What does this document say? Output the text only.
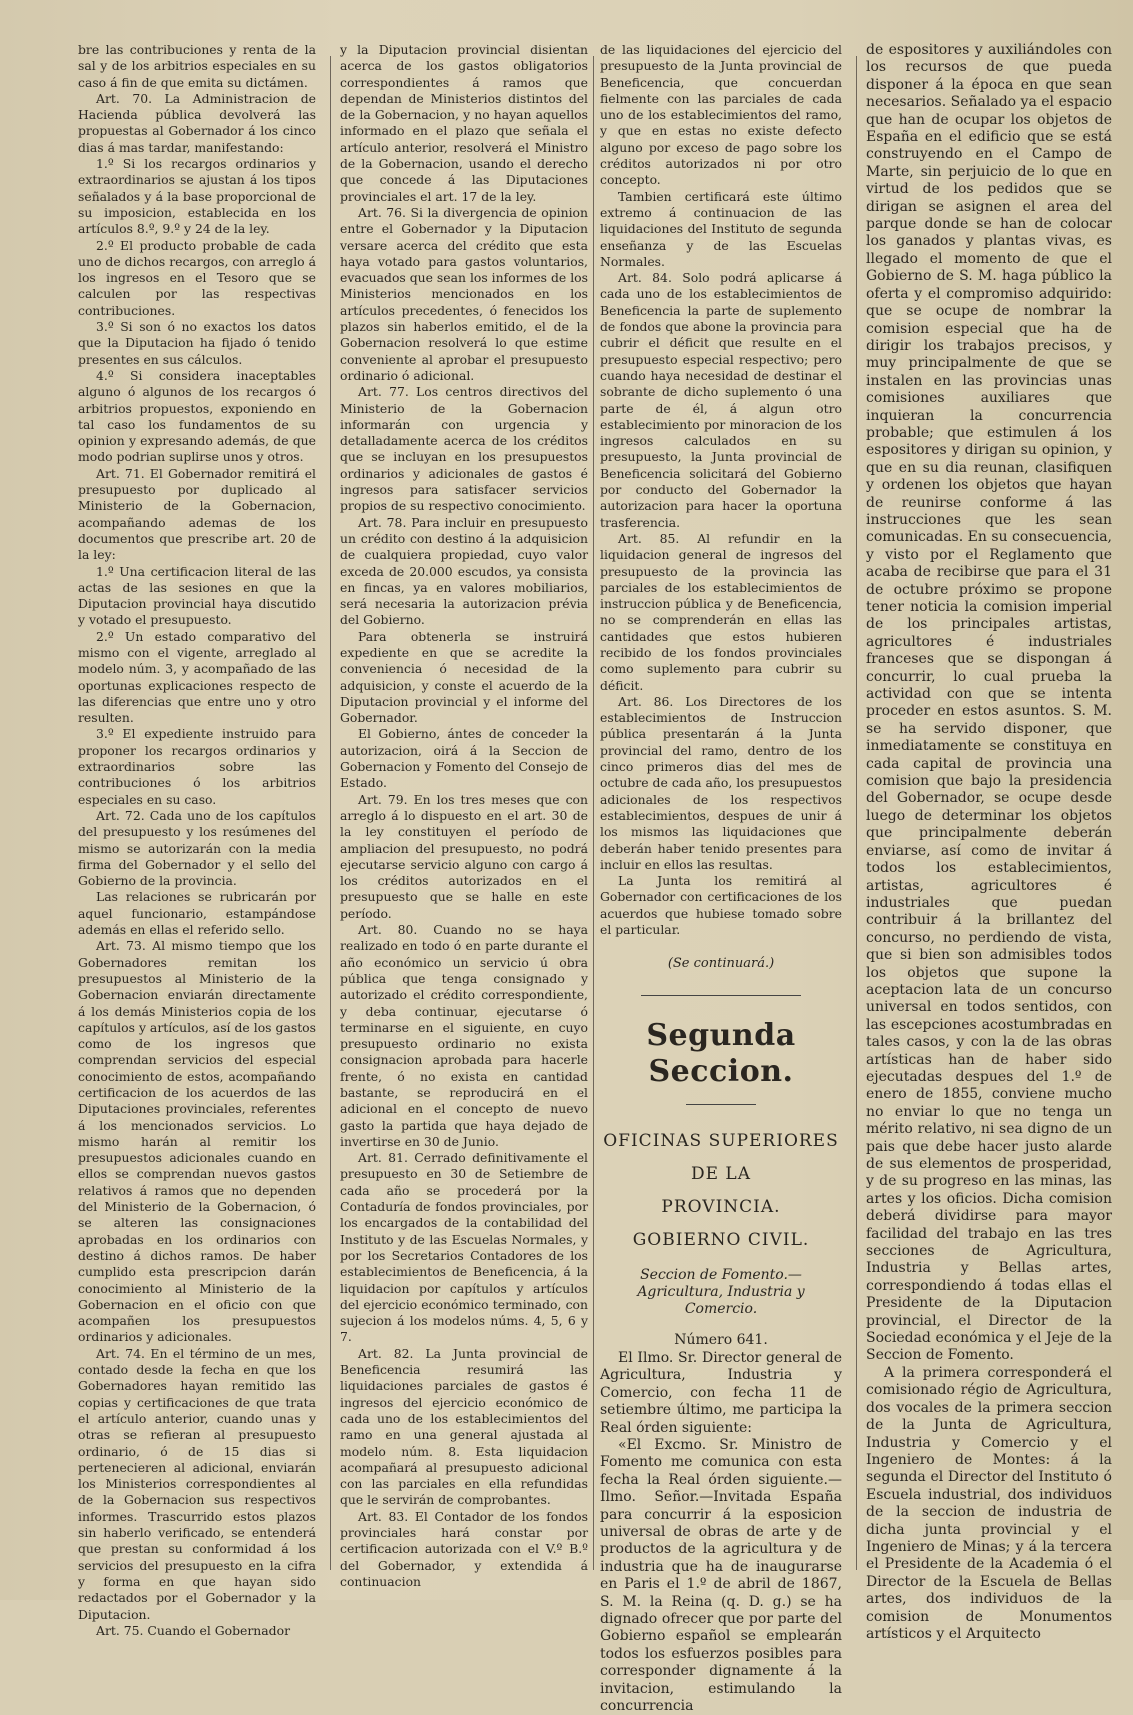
bre las contribuciones y renta de la sal y de los arbitrios especiales en su caso á fin de que emita su dictámen.

Art. 70. La Administracion de Hacienda pública devolverá las propuestas al Gobernador á los cinco dias á mas tardar, manifestando:

1.º Si los recargos ordinarios y extraordinarios se ajustan á los tipos señalados y á la base proporcional de su imposicion, establecida en los artículos 8.º, 9.º y 24 de la ley.

2.º El producto probable de cada uno de dichos recargos, con arreglo á los ingresos en el Tesoro que se calculen por las respectivas contribuciones.

3.º Si son ó no exactos los datos que la Diputacion ha fijado ó tenido presentes en sus cálculos.

4.º Si considera inaceptables alguno ó algunos de los recargos ó arbitrios propuestos, exponiendo en tal caso los fundamentos de su opinion y expresando además, de que modo podrian suplirse unos y otros.

Art. 71. El Gobernador remitirá el presupuesto por duplicado al Ministerio de la Gobernacion, acompañando ademas de los documentos que prescribe art. 20 de la ley:

1.º Una certificacion literal de las actas de las sesiones en que la Diputacion provincial haya discutido y votado el presupuesto.

2.º Un estado comparativo del mismo con el vigente, arreglado al modelo núm. 3, y acompañado de las oportunas explicaciones respecto de las diferencias que entre uno y otro resulten.

3.º El expediente instruido para proponer los recargos ordinarios y extraordinarios sobre las contribuciones ó los arbitrios especiales en su caso.

Art. 72. Cada uno de los capítulos del presupuesto y los resúmenes del mismo se autorizarán con la media firma del Gobernador y el sello del Gobierno de la provincia.

Las relaciones se rubricarán por aquel funcionario, estampándose además en ellas el referido sello.

Art. 73. Al mismo tiempo que los Gobernadores remitan los presupuestos al Ministerio de la Gobernacion enviarán directamente á los demás Ministerios copia de los capítulos y artículos, así de los gastos como de los ingresos que comprendan servicios del especial conocimiento de estos, acompañando certificacion de los acuerdos de las Diputaciones provinciales, referentes á los mencionados servicios. Lo mismo harán al remitir los presupuestos adicionales cuando en ellos se comprendan nuevos gastos relativos á ramos que no dependen del Ministerio de la Gobernacion, ó se alteren las consignaciones aprobadas en los ordinarios con destino á dichos ramos. De haber cumplido esta prescripcion darán conocimiento al Ministerio de la Gobernacion en el oficio con que acompañen los presupuestos ordinarios y adicionales.

Art. 74. En el término de un mes, contado desde la fecha en que los Gobernadores hayan remitido las copias y certificaciones de que trata el artículo anterior, cuando unas y otras se refieran al presupuesto ordinario, ó de 15 dias si pertenecieren al adicional, enviarán los Ministerios correspondientes al de la Gobernacion sus respectivos informes. Trascurrido estos plazos sin haberlo verificado, se entenderá que prestan su conformidad á los servicios del presupuesto en la cifra y forma en que hayan sido redactados por el Gobernador y la Diputacion.

Art. 75. Cuando el Gobernador

y la Diputacion provincial disientan acerca de los gastos obligatorios correspondientes á ramos que dependan de Ministerios distintos del de la Gobernacion, y no hayan aquellos informado en el plazo que señala el artículo anterior, resolverá el Ministro de la Gobernacion, usando el derecho que concede á las Diputaciones provinciales el art. 17 de la ley.

Art. 76. Si la divergencia de opinion entre el Gobernador y la Diputacion versare acerca del crédito que esta haya votado para gastos voluntarios, evacuados que sean los informes de los Ministerios mencionados en los artículos precedentes, ó fenecidos los plazos sin haberlos emitido, el de la Gobernacion resolverá lo que estime conveniente al aprobar el presupuesto ordinario ó adicional.

Art. 77. Los centros directivos del Ministerio de la Gobernacion informarán con urgencia y detalladamente acerca de los créditos que se incluyan en los presupuestos ordinarios y adicionales de gastos é ingresos para satisfacer servicios propios de su respectivo conocimiento.

Art. 78. Para incluir en presupuesto un crédito con destino á la adquisicion de cualquiera propiedad, cuyo valor exceda de 20.000 escudos, ya consista en fincas, ya en valores mobiliarios, será necesaria la autorizacion prévia del Gobierno.

Para obtenerla se instruirá expediente en que se acredite la conveniencia ó necesidad de la adquisicion, y conste el acuerdo de la Diputacion provincial y el informe del Gobernador.

El Gobierno, ántes de conceder la autorizacion, oirá á la Seccion de Gobernacion y Fomento del Consejo de Estado.

Art. 79. En los tres meses que con arreglo á lo dispuesto en el art. 30 de la ley constituyen el período de ampliacion del presupuesto, no podrá ejecutarse servicio alguno con cargo á los créditos autorizados en el presupuesto que se halle en este período.

Art. 80. Cuando no se haya realizado en todo ó en parte durante el año económico un servicio ú obra pública que tenga consignado y autorizado el crédito correspondiente, y deba continuar, ejecutarse ó terminarse en el siguiente, en cuyo presupuesto ordinario no exista consignacion aprobada para hacerle frente, ó no exista en cantidad bastante, se reproducirá en el adicional en el concepto de nuevo gasto la partida que haya dejado de invertirse en 30 de Junio.

Art. 81. Cerrado definitivamente el presupuesto en 30 de Setiembre de cada año se procederá por la Contaduría de fondos provinciales, por los encargados de la contabilidad del Instituto y de las Escuelas Normales, y por los Secretarios Contadores de los establecimientos de Beneficencia, á la liquidacion por capítulos y artículos del ejercicio económico terminado, con sujecion á los modelos núms. 4, 5, 6 y 7.

Art. 82. La Junta provincial de Beneficencia resumirá las liquidaciones parciales de gastos é ingresos del ejercicio económico de cada uno de los establecimientos del ramo en una general ajustada al modelo núm. 8. Esta liquidacion acompañará al presupuesto adicional con las parciales en ella refundidas que le servirán de comprobantes.

Art. 83. El Contador de los fondos provinciales hará constar por certificacion autorizada con el V.º B.º del Gobernador, y extendida á continuacion

de las liquidaciones del ejercicio del presupuesto de la Junta provincial de Beneficencia, que concuerdan fielmente con las parciales de cada uno de los establecimientos del ramo, y que en estas no existe defecto alguno por exceso de pago sobre los créditos autorizados ni por otro concepto.

Tambien certificará este último extremo á continuacion de las liquidaciones del Instituto de segunda enseñanza y de las Escuelas Normales.

Art. 84. Solo podrá aplicarse á cada uno de los establecimientos de Beneficencia la parte de suplemento de fondos que abone la provincia para cubrir el déficit que resulte en el presupuesto especial respectivo; pero cuando haya necesidad de destinar el sobrante de dicho suplemento ó una parte de él, á algun otro establecimiento por minoracion de los ingresos calculados en su presupuesto, la Junta provincial de Beneficencia solicitará del Gobierno por conducto del Gobernador la autorizacion para hacer la oportuna trasferencia.

Art. 85. Al refundir en la liquidacion general de ingresos del presupuesto de la provincia las parciales de los establecimientos de instruccion pública y de Beneficencia, no se comprenderán en ellas las cantidades que estos hubieren recibido de los fondos provinciales como suplemento para cubrir su déficit.

Art. 86. Los Directores de los establecimientos de Instruccion pública presentarán á la Junta provincial del ramo, dentro de los cinco primeros dias del mes de octubre de cada año, los presupuestos adicionales de los respectivos establecimientos, despues de unir á los mismos las liquidaciones que deberán haber tenido presentes para incluir en ellos las resultas.

La Junta los remitirá al Gobernador con certificaciones de los acuerdos que hubiese tomado sobre el particular.

(Se continuará.)
Segunda Seccion.

OFICINAS SUPERIORES DE LA

PROVINCIA.

GOBIERNO CIVIL.

Seccion de Fomento.—Agricultura, Industria y Comercio.

Número 641.

El Ilmo. Sr. Director general de Agricultura, Industria y Comercio, con fecha 11 de setiembre último, me participa la Real órden siguiente:

«El Excmo. Sr. Ministro de Fomento me comunica con esta fecha la Real órden siguiente.—Ilmo. Señor.—Invitada España para concurrir á la esposicion universal de obras de arte y de productos de la agricultura y de industria que ha de inaugurarse en Paris el 1.º de abril de 1867, S. M. la Reina (q. D. g.) se ha dignado ofrecer que por parte del Gobierno español se emplearán todos los esfuerzos posibles para corresponder dignamente á la invitacion, estimulando la concurrencia

de espositores y auxiliándoles con los recursos de que pueda disponer á la época en que sean necesarios. Señalado ya el espacio que han de ocupar los objetos de España en el edificio que se está construyendo en el Campo de Marte, sin perjuicio de lo que en virtud de los pedidos que se dirigan se asignen el area del parque donde se han de colocar los ganados y plantas vivas, es llegado el momento de que el Gobierno de S. M. haga público la oferta y el compromiso adquirido: que se ocupe de nombrar la comision especial que ha de dirigir los trabajos precisos, y muy principalmente de que se instalen en las provincias unas comisiones auxiliares que inquieran la concurrencia probable; que estimulen á los espositores y dirigan su opinion, y que en su dia reunan, clasifiquen y ordenen los objetos que hayan de reunirse conforme á las instrucciones que les sean comunicadas. En su consecuencia, y visto por el Reglamento que acaba de recibirse que para el 31 de octubre próximo se propone tener noticia la comision imperial de los principales artistas, agricultores é industriales franceses que se dispongan á concurrir, lo cual prueba la actividad con que se intenta proceder en estos asuntos. S. M. se ha servido disponer, que inmediatamente se constituya en cada capital de provincia una comision que bajo la presidencia del Gobernador, se ocupe desde luego de determinar los objetos que principalmente deberán enviarse, así como de invitar á todos los establecimientos, artistas, agricultores é industriales que puedan contribuir á la brillantez del concurso, no perdiendo de vista, que si bien son admisibles todos los objetos que supone la aceptacion lata de un concurso universal en todos sentidos, con las escepciones acostumbradas en tales casos, y con la de las obras artísticas han de haber sido ejecutadas despues del 1.º de enero de 1855, conviene mucho no enviar lo que no tenga un mérito relativo, ni sea digno de un pais que debe hacer justo alarde de sus elementos de prosperidad, y de su progreso en las minas, las artes y los oficios. Dicha comision deberá dividirse para mayor facilidad del trabajo en las tres secciones de Agricultura, Industria y Bellas artes, correspondiendo á todas ellas el Presidente de la Diputacion provincial, el Director de la Sociedad económica y el Jeje de la Seccion de Fomento.

A la primera corresponderá el comisionado régio de Agricultura, dos vocales de la primera seccion de la Junta de Agricultura, Industria y Comercio y el Ingeniero de Montes: á la segunda el Director del Instituto ó Escuela industrial, dos individuos de la seccion de industria de dicha junta provincial y el Ingeniero de Minas; y á la tercera el Presidente de la Academia ó el Director de la Escuela de Bellas artes, dos individuos de la comision de Monumentos artísticos y el Arquitecto
